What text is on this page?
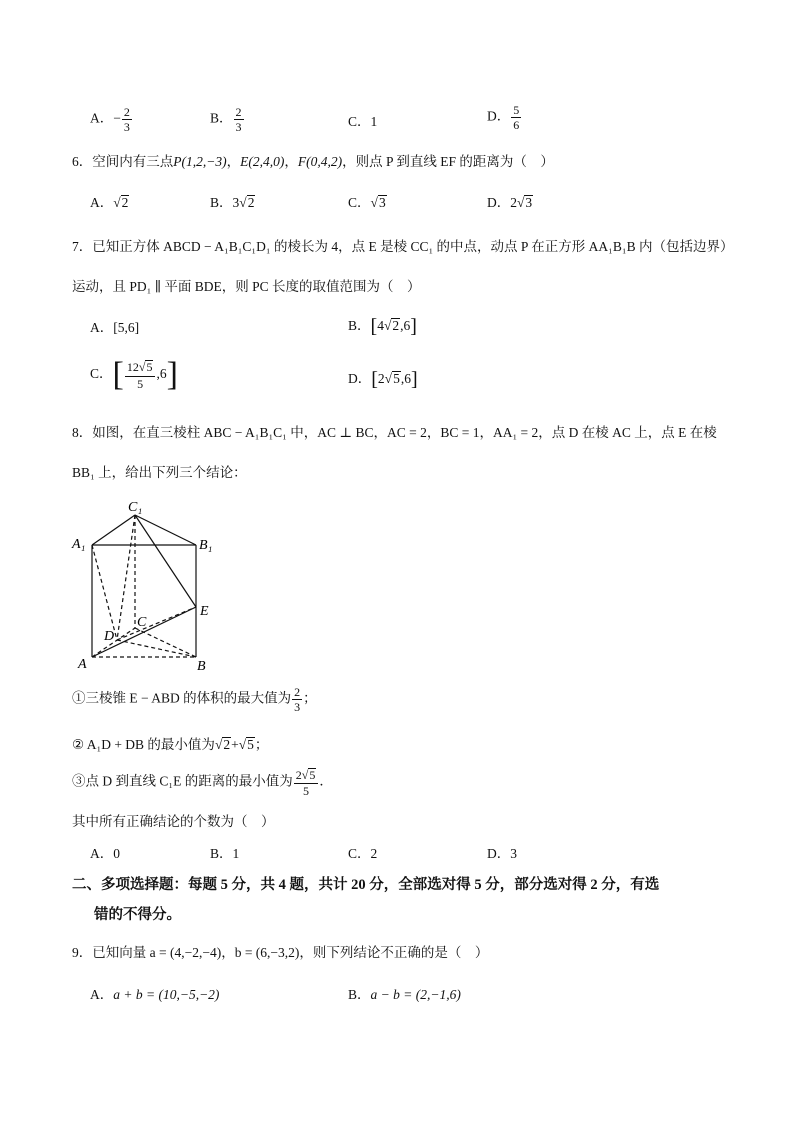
A．− $\frac{2}{3}$	B． $\frac{2}{3}$	C．1	D． $\frac{5}{6}$
6．空间内有三点P(1,2,−3)，E(2,4,0)，F(0,4,2)，则点 P 到直线 EF 的距离为（　）
A．√2	B．3√2	C．√3	D．2√3
7．已知正方体 ABCD − A₁B₁C₁D₁ 的棱长为 4，点 E 是棱 CC₁ 的中点，动点 P 在正方形 AA₁B₁B 内（包括边界）
运动，且 PD₁ ∥ 平面 BDE，则 PC 长度的取值范围为（　）
A．[5,6]	B．[4√2,6]
C．[ $\frac{12√5}{5} ,6$]	D．[2√5,6]
8．如图，在直三棱柱 ABC − A₁B₁C₁ 中，AC ⊥ BC，AC = 2，BC = 1，AA₁ = 2，点 D 在棱 AC 上，点 E 在棱
BB₁ 上，给出下列三个结论：
C₁
A₁	B₁
E
C
D
A	B
①三棱锥 E − ABD 的体积的最大值为 $\frac{2}{3}$ ；
② A₁D + DB 的最小值为√2+√5；
③点 D 到直线 C₁E 的距离的最小值为 $\frac{2√5}{5}$ ．
其中所有正确结论的个数为（　）
A．0	B．1	C．2	D．3
二、多项选择题：每题 5 分，共 4 题，共计 20 分，全部选对得 5 分，部分选对得 2 分，有选
错的不得分。
9．已知向量 a = (4,−2,−4)，b = (6,−3,2)，则下列结论不正确的是（　）
A．a + b = (10,−5,−2)	B．a − b = (2,−1,6)
